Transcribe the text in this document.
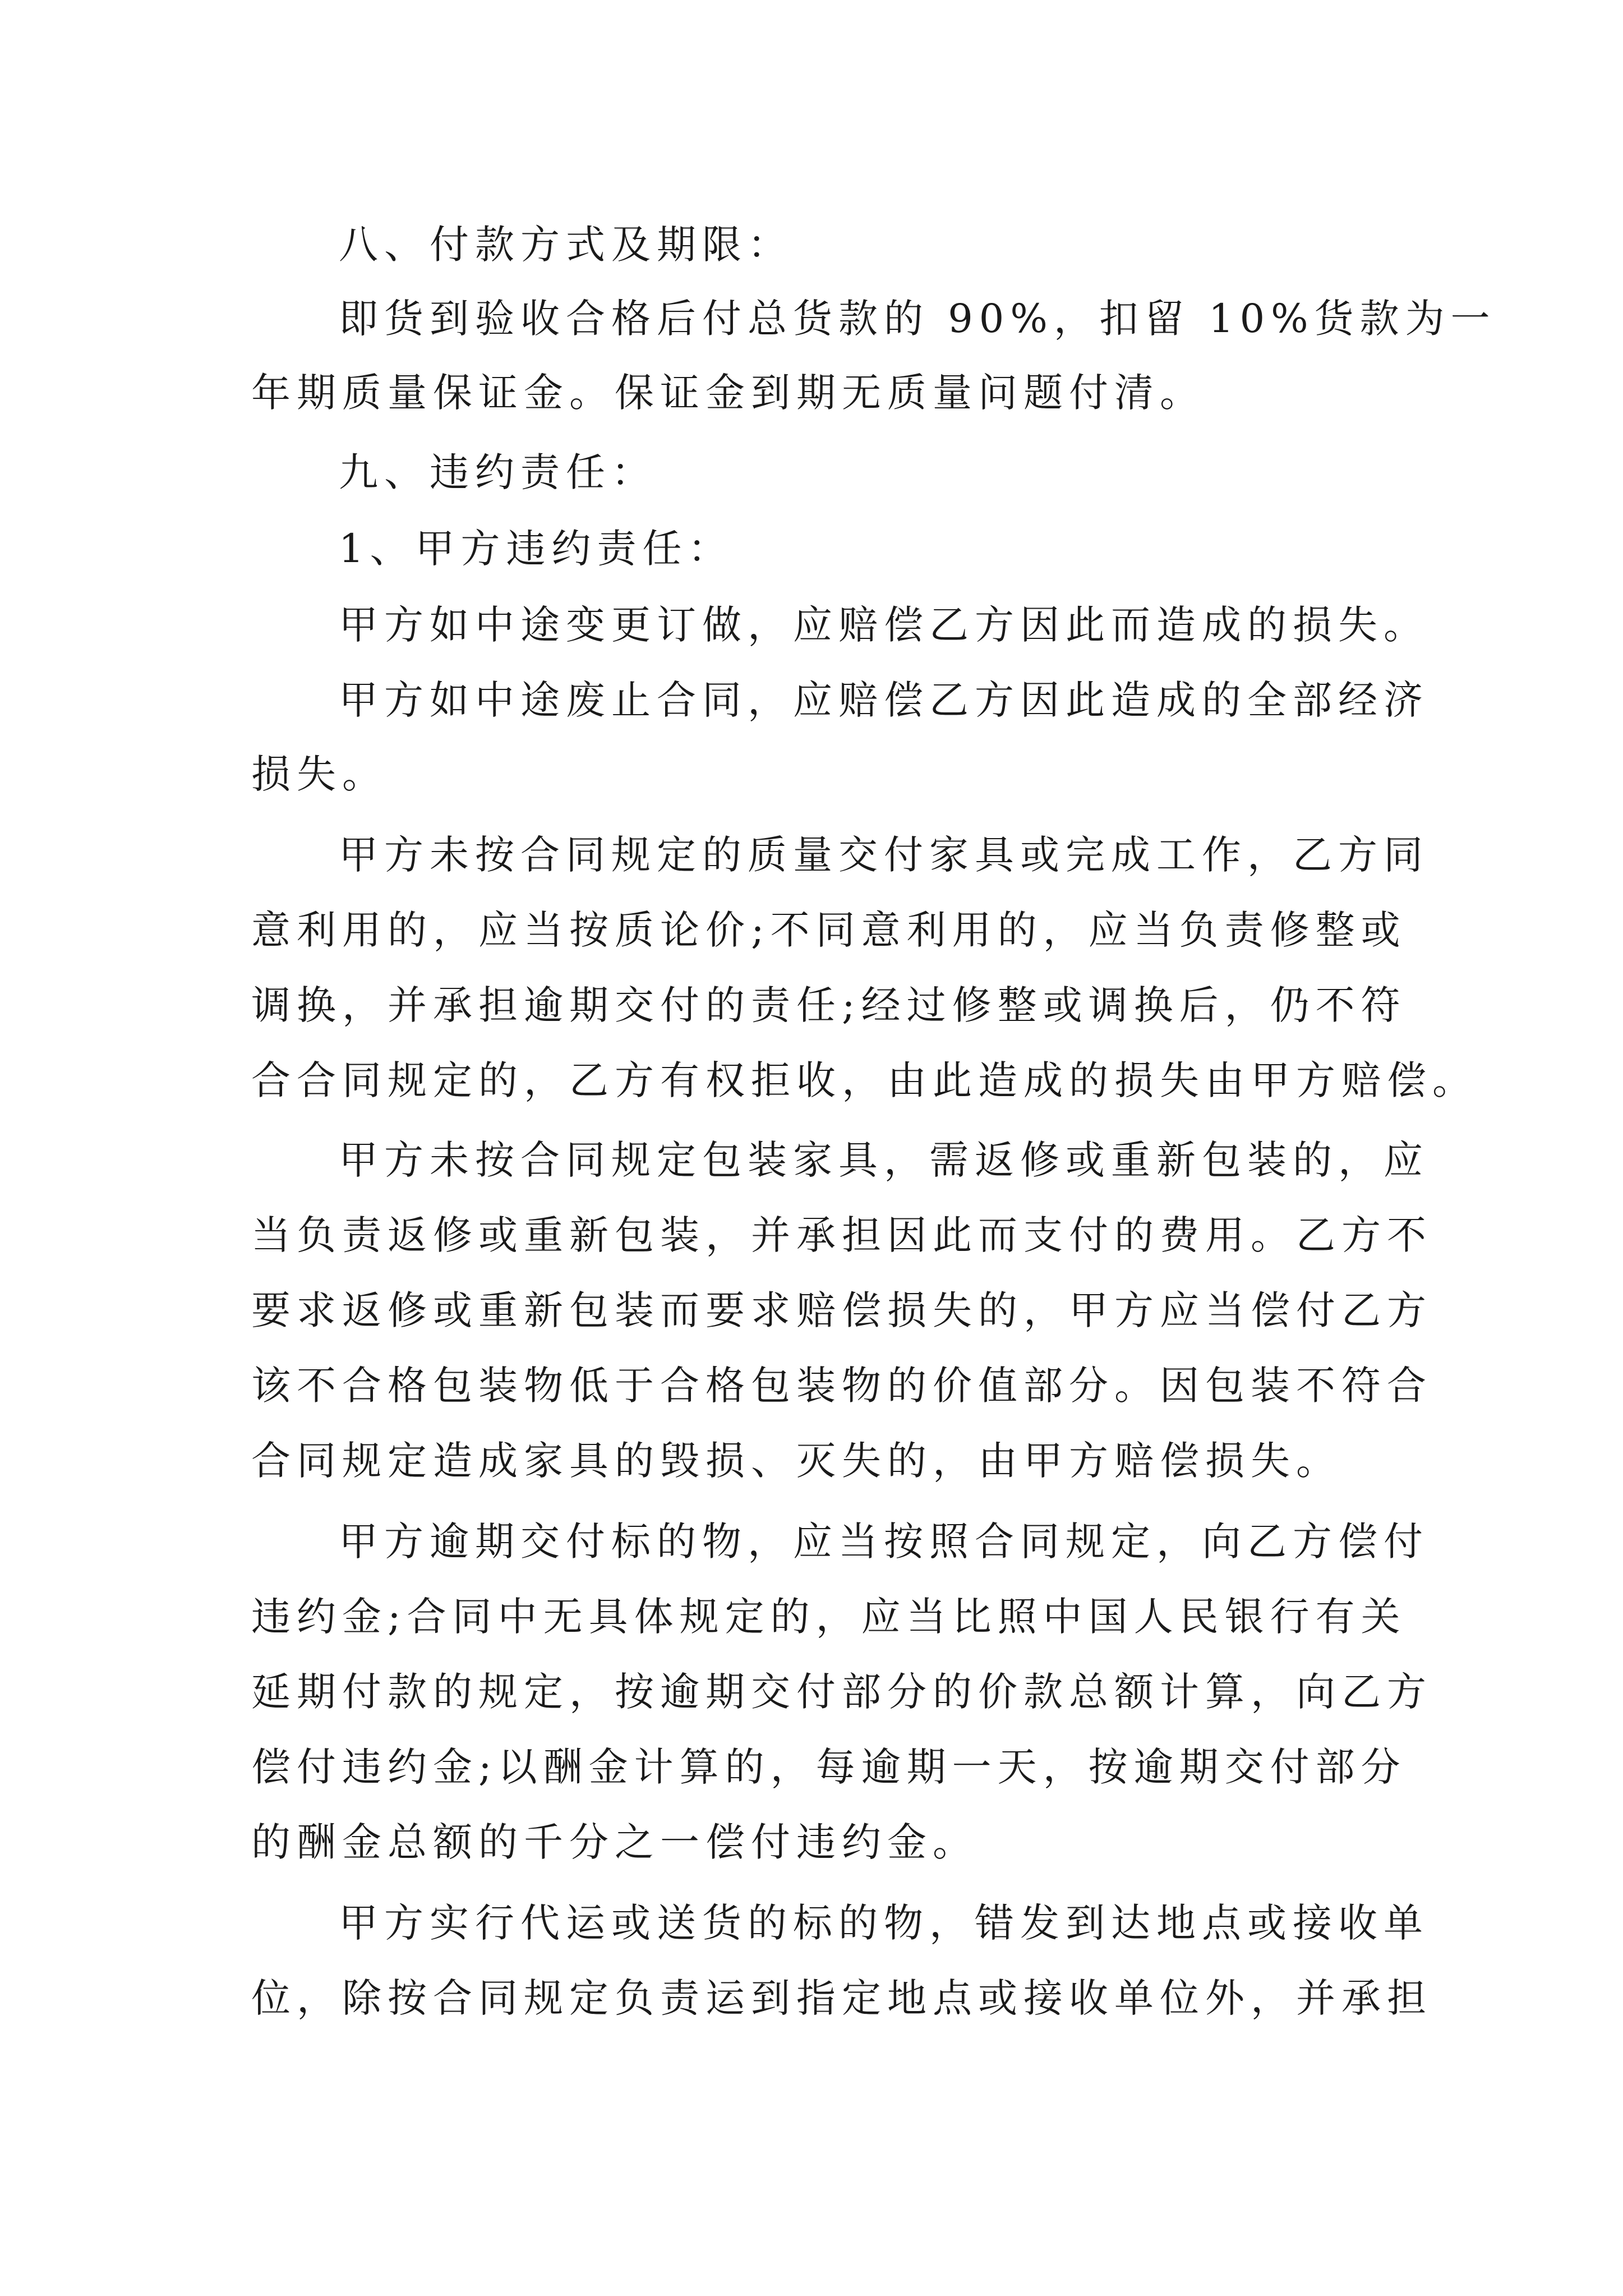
八、付款方式及期限：
即货到验收合格后付总货款的 90%，扣留 10%货款为一
年期质量保证金。保证金到期无质量问题付清。
九、违约责任：
1、甲方违约责任：
甲方如中途变更订做，应赔偿乙方因此而造成的损失。
甲方如中途废止合同，应赔偿乙方因此造成的全部经济
损失。
甲方未按合同规定的质量交付家具或完成工作，乙方同
意利用的，应当按质论价;不同意利用的，应当负责修整或
调换，并承担逾期交付的责任;经过修整或调换后，仍不符
合合同规定的，乙方有权拒收，由此造成的损失由甲方赔偿。
甲方未按合同规定包装家具，需返修或重新包装的，应
当负责返修或重新包装，并承担因此而支付的费用。乙方不
要求返修或重新包装而要求赔偿损失的，甲方应当偿付乙方
该不合格包装物低于合格包装物的价值部分。因包装不符合
合同规定造成家具的毁损、灭失的，由甲方赔偿损失。
甲方逾期交付标的物，应当按照合同规定，向乙方偿付
违约金;合同中无具体规定的，应当比照中国人民银行有关
延期付款的规定，按逾期交付部分的价款总额计算，向乙方
偿付违约金;以酬金计算的，每逾期一天，按逾期交付部分
的酬金总额的千分之一偿付违约金。
甲方实行代运或送货的标的物，错发到达地点或接收单
位，除按合同规定负责运到指定地点或接收单位外，并承担
